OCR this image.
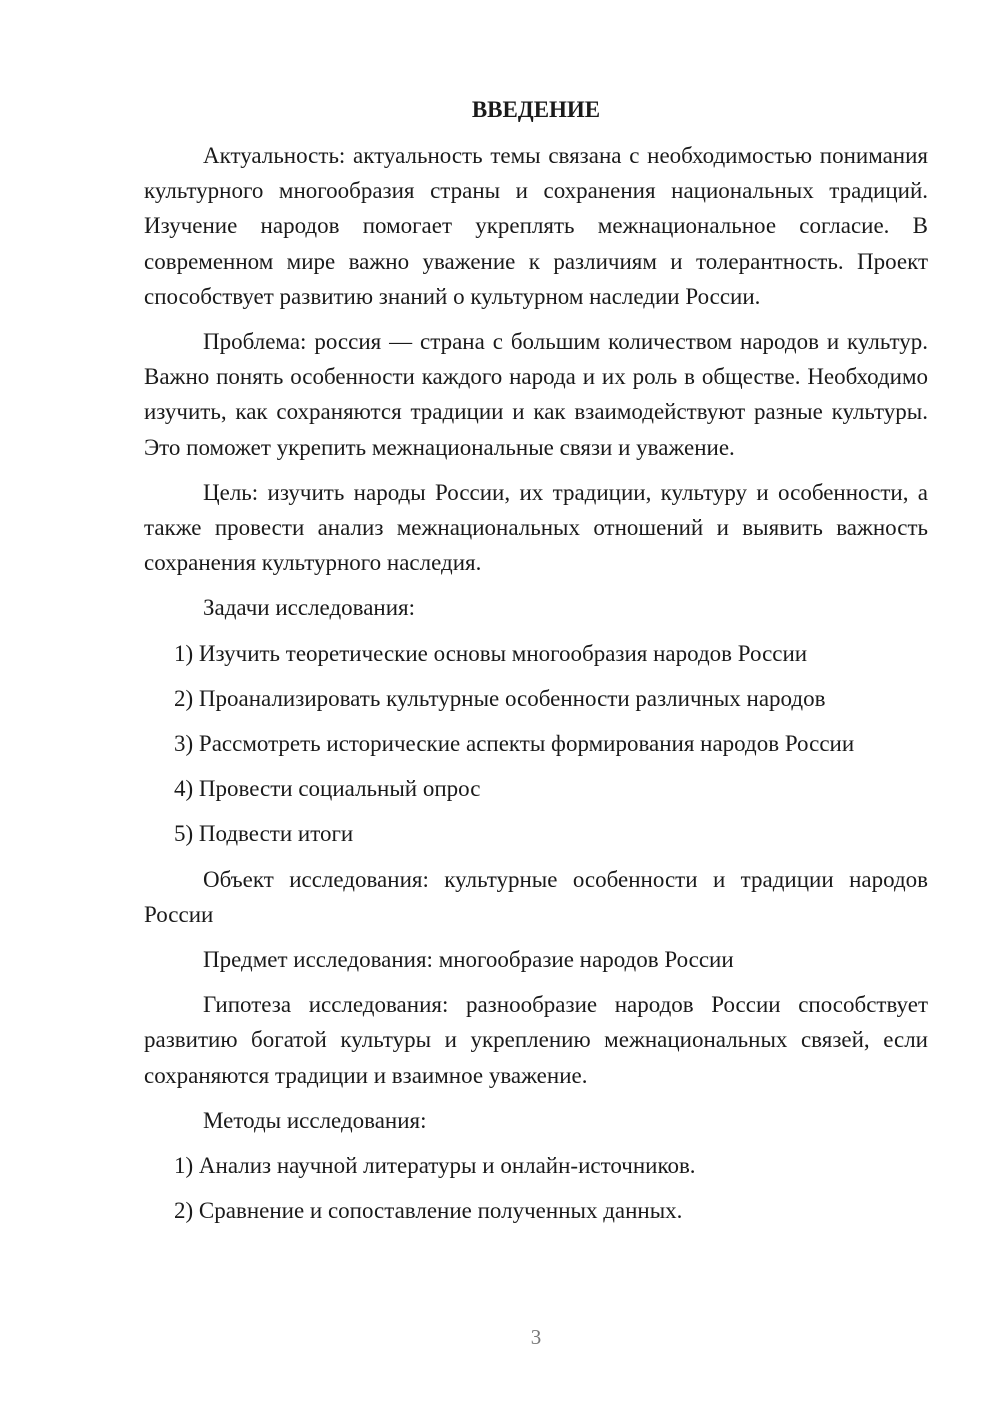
ВВЕДЕНИЕ

Актуальность: актуальность темы связана с необходимостью понимания культурного многообразия страны и сохранения национальных традиций. Изучение народов помогает укреплять межнациональное согласие. В современном мире важно уважение к различиям и толерантность. Проект способствует развитию знаний о культурном наследии России.

Проблема: россия — страна с большим количеством народов и культур. Важно понять особенности каждого народа и их роль в обществе. Необходимо изучить, как сохраняются традиции и как взаимодействуют разные культуры. Это поможет укрепить межнациональные связи и уважение.

Цель: изучить народы России, их традиции, культуру и особенности, а также провести анализ межнациональных отношений и выявить важность сохранения культурного наследия.

Задачи исследования:

1) Изучить теоретические основы многообразия народов России
2) Проанализировать культурные особенности различных народов
3) Рассмотреть исторические аспекты формирования народов России
4) Провести социальный опрос
5) Подвести итоги

Объект исследования: культурные особенности и традиции народов России

Предмет исследования: многообразие народов России

Гипотеза исследования: разнообразие народов России способствует развитию богатой культуры и укреплению межнациональных связей, если сохраняются традиции и взаимное уважение.

Методы исследования:

1) Анализ научной литературы и онлайн-источников.
2) Сравнение и сопоставление полученных данных.
3
